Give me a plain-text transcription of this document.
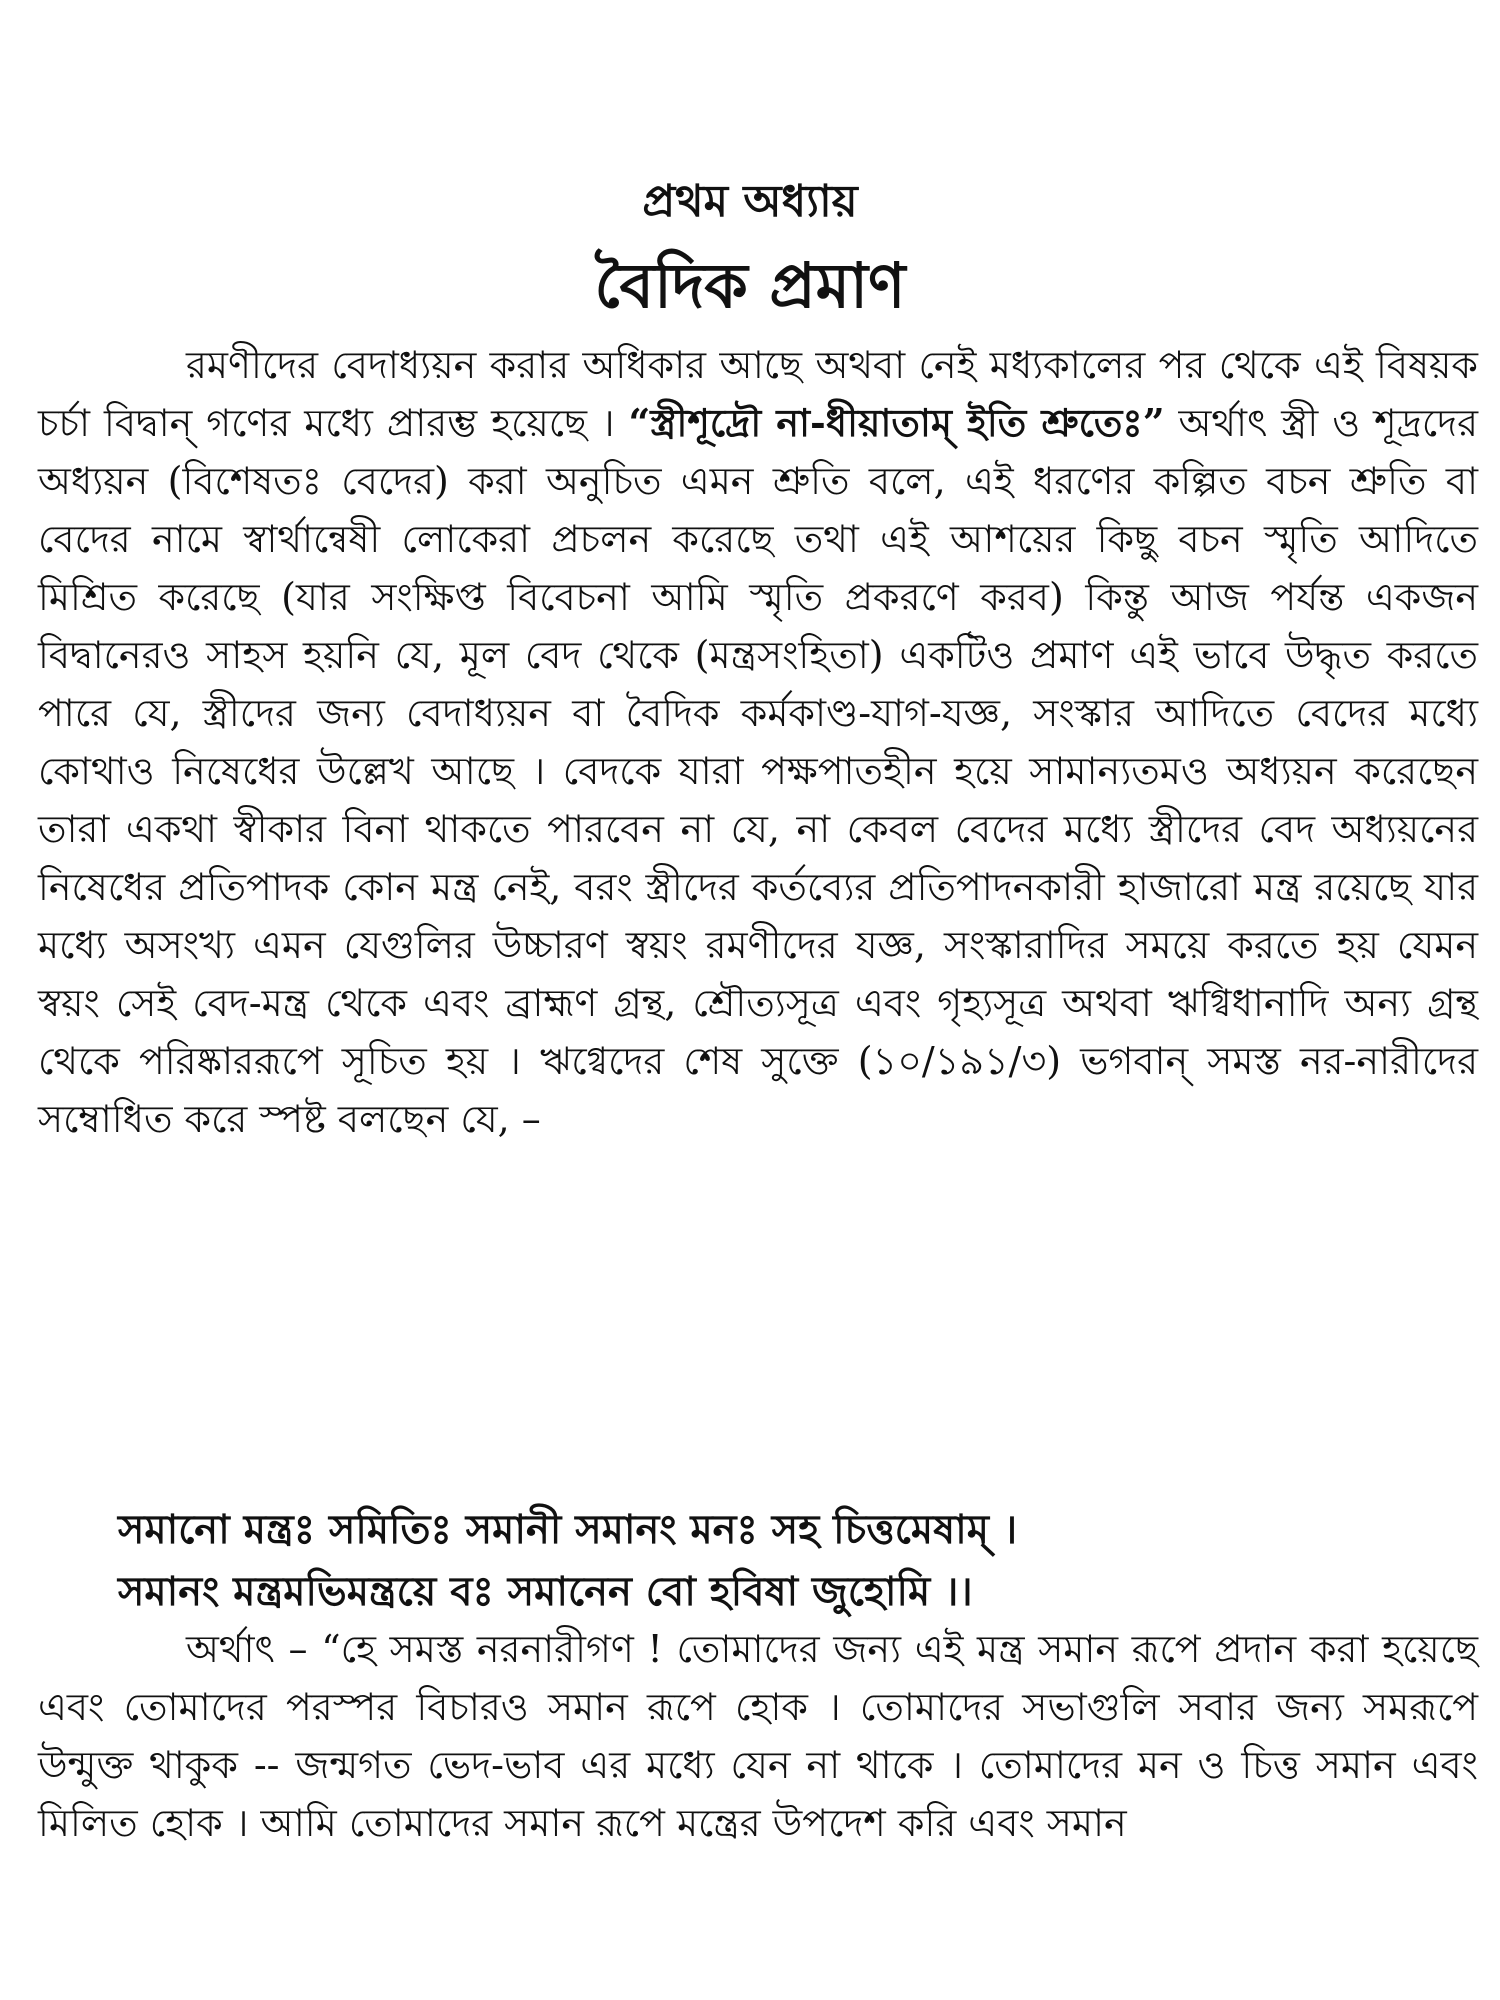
প্রথম অধ্যায়
বৈদিক প্রমাণ
রমণীদের বেদাধ্যয়ন করার অধিকার আছে অথবা নেই মধ্যকালের পর থেকে এই বিষয়ক চর্চা বিদ্বান্ গণের মধ্যে প্রারম্ভ হয়েছে । “স্ত্রীশূদ্রৌ না-ধীয়াতাম্ ইতি শ্রুতেঃ” অর্থাৎ স্ত্রী ও শূদ্রদের অধ্যয়ন (বিশেষতঃ বেদের) করা অনুচিত এমন শ্রুতি বলে, এই ধরণের কল্পিত বচন শ্রুতি বা বেদের নামে স্বার্থান্বেষী লোকেরা প্রচলন করেছে তথা এই আশয়ের কিছু বচন স্মৃতি আদিতে মিশ্রিত করেছে (যার সংক্ষিপ্ত বিবেচনা আমি স্মৃতি প্রকরণে করব) কিন্তু আজ পর্যন্ত একজন বিদ্বানেরও সাহস হয়নি যে, মূল বেদ থেকে (মন্ত্রসংহিতা) একটিও প্রমাণ এই ভাবে উদ্ধৃত করতে পারে যে, স্ত্রীদের জন্য বেদাধ্যয়ন বা বৈদিক কর্মকাণ্ড-যাগ-যজ্ঞ, সংস্কার আদিতে বেদের মধ্যে কোথাও নিষেধের উল্লেখ আছে । বেদকে যারা পক্ষপাতহীন হয়ে সামান্যতমও অধ্যয়ন করেছেন তারা একথা স্বীকার বিনা থাকতে পারবেন না যে, না কেবল বেদের মধ্যে স্ত্রীদের বেদ অধ্যয়নের নিষেধের প্রতিপাদক কোন মন্ত্র নেই, বরং স্ত্রীদের কর্তব্যের প্রতিপাদনকারী হাজারো মন্ত্র রয়েছে যার মধ্যে অসংখ্য এমন যেগুলির উচ্চারণ স্বয়ং রমণীদের যজ্ঞ, সংস্কারাদির সময়ে করতে হয় যেমন স্বয়ং সেই বেদ-মন্ত্র থেকে এবং ব্রাহ্মণ গ্রন্থ, শ্রৌত্যসূত্র এবং গৃহ্যসূত্র অথবা ঋগ্বিধানাদি অন্য গ্রন্থ থেকে পরিষ্কাররূপে সূচিত হয় । ঋগ্বেদের শেষ সুক্তে (১০/১৯১/৩) ভগবান্ সমস্ত নর-নারীদের সম্বোধিত করে স্পষ্ট বলছেন যে, –
সমানো মন্ত্রঃ সমিতিঃ সমানী সমানং মনঃ সহ চিত্তমেষাম্ ।
সমানং মন্ত্রমভিমন্ত্রয়ে বঃ সমানেন বো হবিষা জুহোমি ।।
অর্থাৎ – “হে সমস্ত নরনারীগণ ! তোমাদের জন্য এই মন্ত্র সমান রূপে প্রদান করা হয়েছে এবং তোমাদের পরস্পর বিচারও সমান রূপে হোক । তোমাদের সভাগুলি সবার জন্য সমরূপে উন্মুক্ত থাকুক -- জন্মগত ভেদ-ভাব এর মধ্যে যেন না থাকে । তোমাদের মন ও চিত্ত সমান এবং মিলিত হোক । আমি তোমাদের সমান রূপে মন্ত্রের উপদেশ করি এবং সমান
